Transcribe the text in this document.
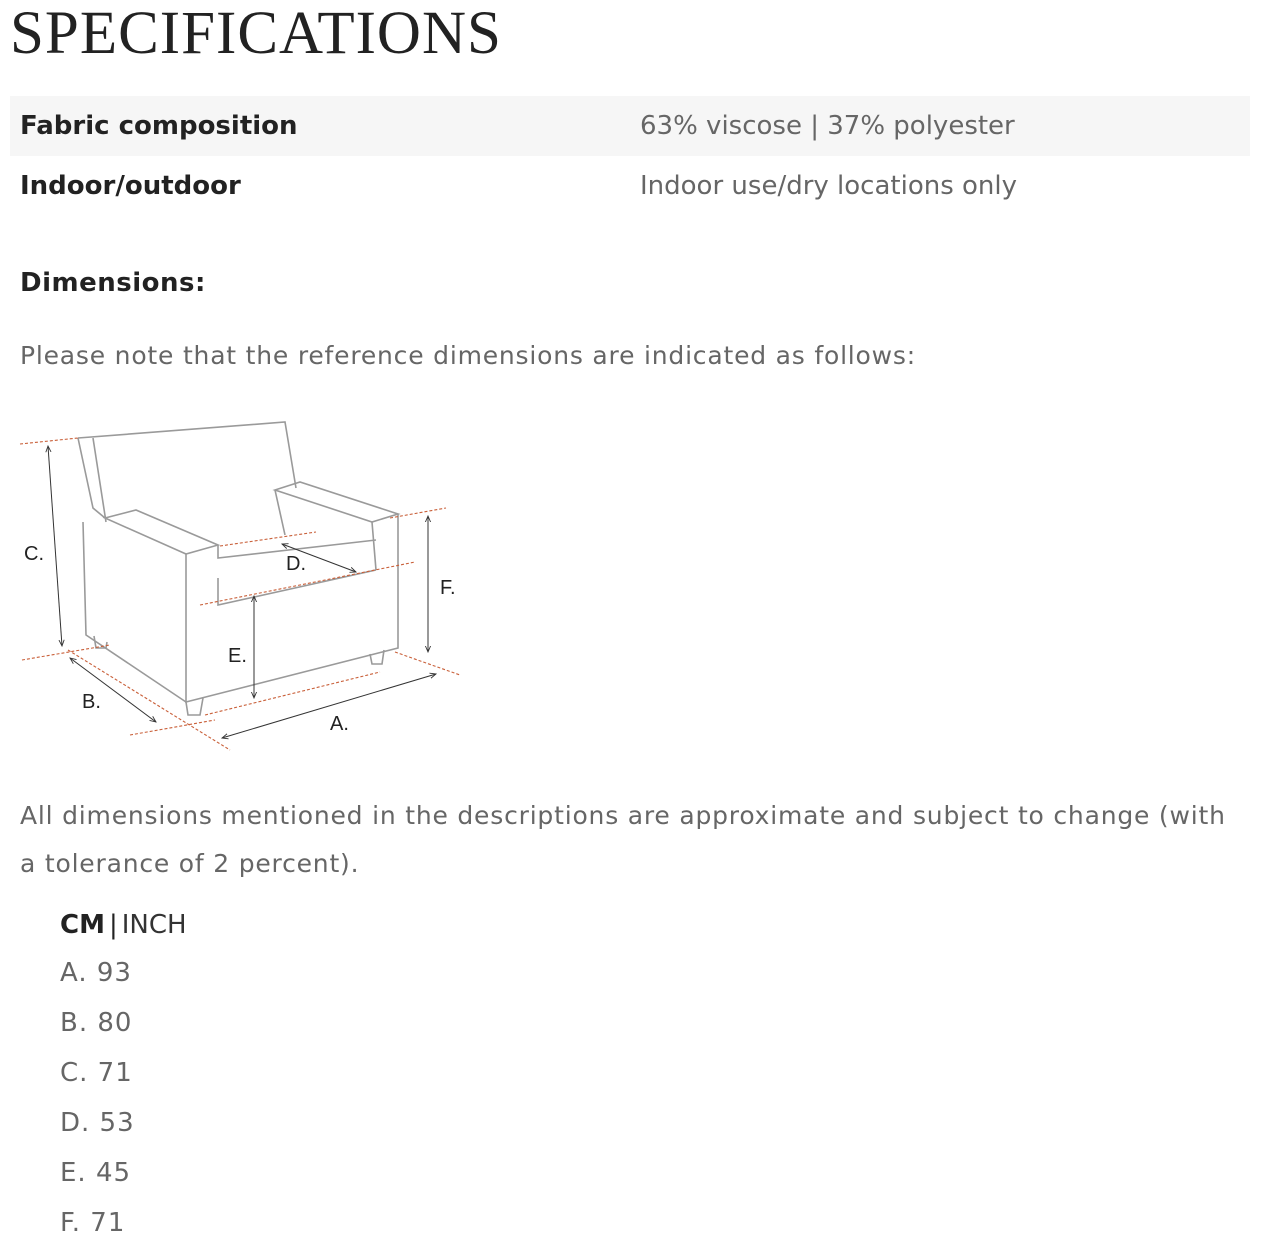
SPECIFICATIONS
Fabric composition	63% viscose | 37% polyester
Indoor/outdoor	Indoor use/dry locations only
Dimensions:
Please note that the reference dimensions are indicated as follows:
C.	D.
F.
E.
B.
A.
All dimensions mentioned in the descriptions are approximate and subject to change (with a tolerance of 2 percent).
CM | INCH
A. 93
B. 80
C. 71
D. 53
E. 45
F. 71
